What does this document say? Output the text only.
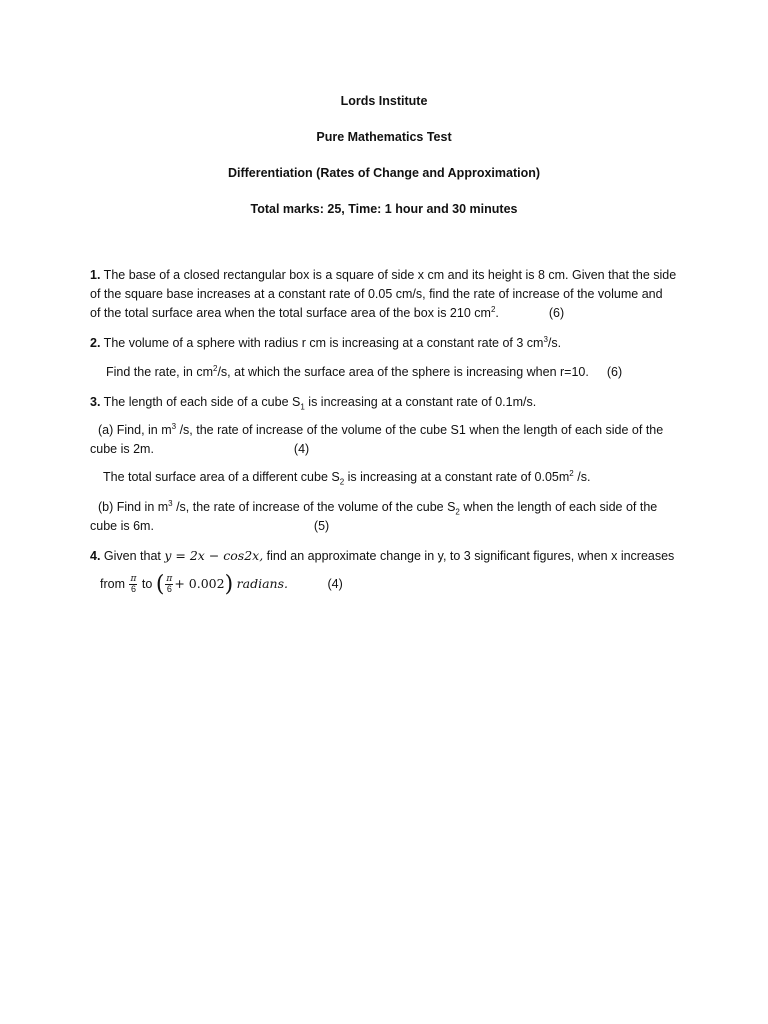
Lords Institute
Pure Mathematics Test
Differentiation (Rates of Change and Approximation)
Total marks: 25, Time: 1 hour and 30 minutes
1. The base of a closed rectangular box is a square of side x cm and its height is 8 cm. Given that the side
of the square base increases at a constant rate of 0.05 cm/s, find the rate of increase of the volume and
of the total surface area when the total surface area of the box is 210 $cm^2$.	(6)
2. The volume of a sphere with radius r cm is increasing at a constant rate of 3 $cm^3/s$.
Find the rate, in $cm^2/s$, at which the surface area of the sphere is increasing when r=10. (6)
3. The length of each side of a cube $S_1$ is increasing at a constant rate of 0.1m/s.
(a) Find, in $m^3$ /s, the rate of increase of the volume of the cube S1 when the length of each side of the
cube is 2m.	(4)
The total surface area of a different cube $S_2$ is increasing at a constant rate of $0.05m^2$ /s.
(b) Find in $m^3$ /s, the rate of increase of the volume of the cube $S_2$ when the length of each side of the
cube is 6m.	(5)
4. Given that y = 2x − cos2x, find an approximate change in y, to 3 significant figures, when x increases
from $\frac{\pi}{6}$ to ( $\frac{\pi}{6} + 0.002$) radians.	(4)
